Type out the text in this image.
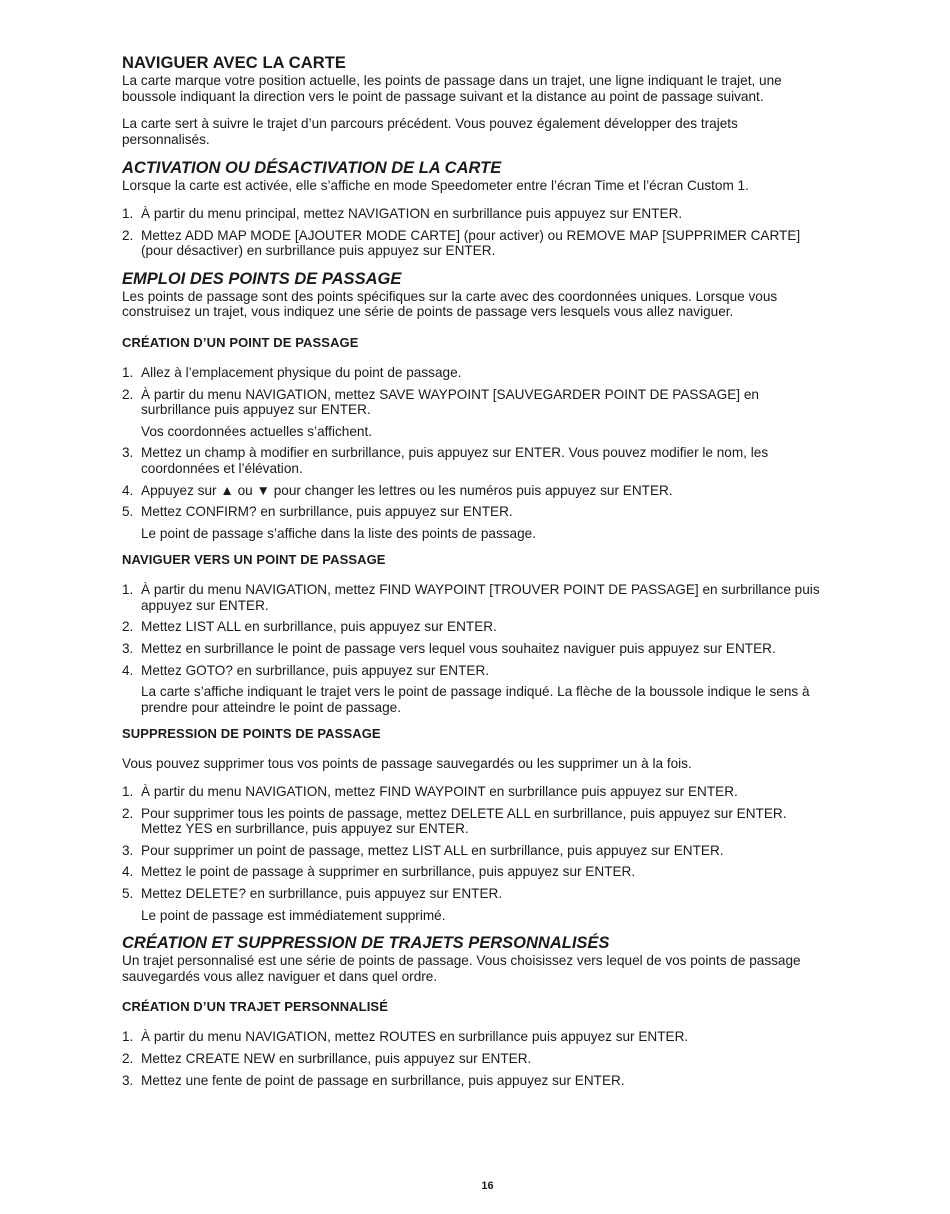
NAVIGUER AVEC LA CARTE

La carte marque votre position actuelle, les points de passage dans un trajet, une ligne indiquant le trajet, une boussole indiquant la direction vers le point de passage suivant et la distance au point de passage suivant.

La carte sert à suivre le trajet d’un parcours précédent. Vous pouvez également développer des trajets personnalisés.

ACTIVATION OU DÉSACTIVATION DE LA CARTE

Lorsque la carte est activée, elle s’affiche en mode Speedometer entre l’écran Time et l’écran Custom 1.

1. À partir du menu principal, mettez NAVIGATION en surbrillance puis appuyez sur ENTER.
2. Mettez ADD MAP MODE [AJOUTER MODE CARTE] (pour activer) ou REMOVE MAP [SUPPRIMER CARTE] (pour désactiver) en surbrillance puis appuyez sur ENTER.
EMPLOI DES POINTS DE PASSAGE

Les points de passage sont des points spécifiques sur la carte avec des coordonnées uniques. Lorsque vous construisez un trajet, vous indiquez une série de points de passage vers lesquels vous allez naviguer.

CRÉATION D’UN POINT DE PASSAGE
1. Allez à l’emplacement physique du point de passage.
2. À partir du menu NAVIGATION, mettez SAVE WAYPOINT [SAUVEGARDER POINT DE PASSAGE] en surbrillance puis appuyez sur ENTER.

Vos coordonnées actuelles s’affichent.

3. Mettez un champ à modifier en surbrillance, puis appuyez sur ENTER. Vous pouvez modifier le nom, les coordonnées et l’élévation.
4. Appuyez sur ▲ ou ▼ pour changer les lettres ou les numéros puis appuyez sur ENTER.
5. Mettez CONFIRM? en surbrillance, puis appuyez sur ENTER.

Le point de passage s’affiche dans la liste des points de passage.

NAVIGUER VERS UN POINT DE PASSAGE
1. À partir du menu NAVIGATION, mettez FIND WAYPOINT [TROUVER POINT DE PASSAGE] en surbrillance puis appuyez sur ENTER.
2. Mettez LIST ALL en surbrillance, puis appuyez sur ENTER.
3. Mettez en surbrillance le point de passage vers lequel vous souhaitez naviguer puis appuyez sur ENTER.
4. Mettez GOTO? en surbrillance, puis appuyez sur ENTER.

La carte s’affiche indiquant le trajet vers le point de passage indiqué. La flèche de la boussole indique le sens à prendre pour atteindre le point de passage.

SUPPRESSION DE POINTS DE PASSAGE

Vous pouvez supprimer tous vos points de passage sauvegardés ou les supprimer un à la fois.

1. À partir du menu NAVIGATION, mettez FIND WAYPOINT en surbrillance puis appuyez sur ENTER.
2. Pour supprimer tous les points de passage, mettez DELETE ALL en surbrillance, puis appuyez sur ENTER. Mettez YES en surbrillance, puis appuyez sur ENTER.
3. Pour supprimer un point de passage, mettez LIST ALL en surbrillance, puis appuyez sur ENTER.
4. Mettez le point de passage à supprimer en surbrillance, puis appuyez sur ENTER.
5. Mettez DELETE? en surbrillance, puis appuyez sur ENTER.

Le point de passage est immédiatement supprimé.

CRÉATION ET SUPPRESSION DE TRAJETS PERSONNALISÉS

Un trajet personnalisé est une série de points de passage. Vous choisissez vers lequel de vos points de passage sauvegardés vous allez naviguer et dans quel ordre.

CRÉATION D’UN TRAJET PERSONNALISÉ
1. À partir du menu NAVIGATION, mettez ROUTES en surbrillance puis appuyez sur ENTER.
2. Mettez CREATE NEW en surbrillance, puis appuyez sur ENTER.
3. Mettez une fente de point de passage en surbrillance, puis appuyez sur ENTER.
16
